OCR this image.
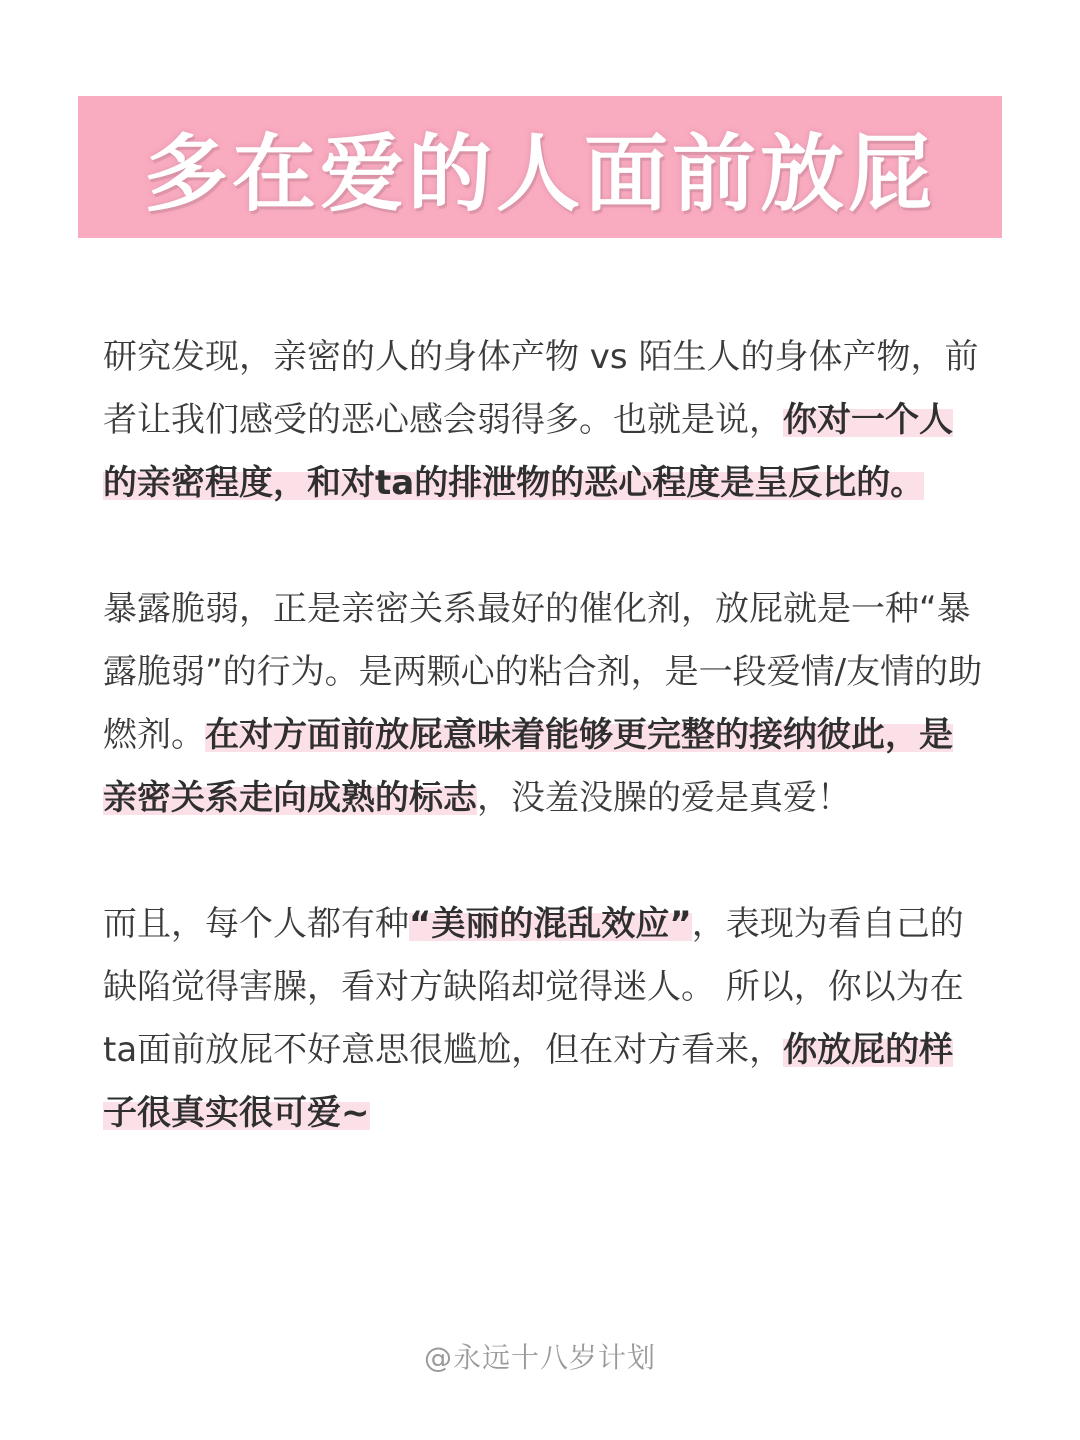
多在爱的人面前放屁

研究发现，亲密的人的身体产物 vs 陌生人的身体产物，前者让我们感受的恶心感会弱得多。也就是说，你对一个人的亲密程度，和对ta的排泄物的恶心程度是呈反比的。

暴露脆弱，正是亲密关系最好的催化剂，放屁就是一种“暴露脆弱”的行为。是两颗心的粘合剂，是一段爱情/友情的助燃剂。在对方面前放屁意味着能够更完整的接纳彼此，是亲密关系走向成熟的标志，没羞没臊的爱是真爱！

而且，每个人都有种“美丽的混乱效应”，表现为看自己的缺陷觉得害臊，看对方缺陷却觉得迷人。 所以，你以为在ta面前放屁不好意思很尴尬，但在对方看来，你放屁的样子很真实很可爱~

@永远十八岁计划
